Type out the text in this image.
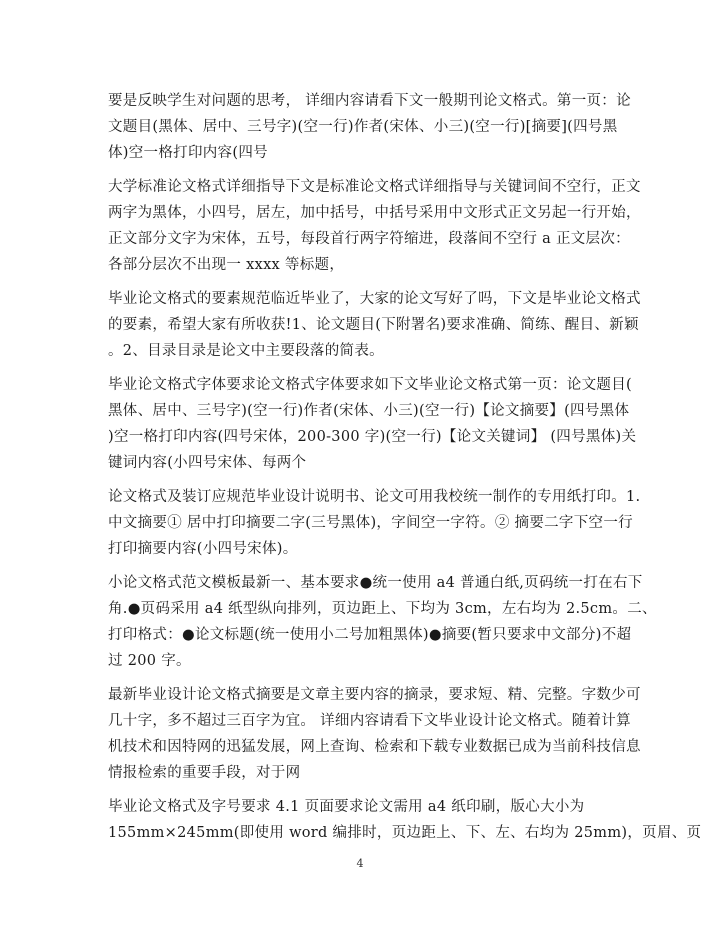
要是反映学生对问题的思考， 详细内容请看下文一般期刊论文格式。第一页：论
文题目(黑体、居中、三号字)(空一行)作者(宋体、小三)(空一行)[摘要](四号黑
体)空一格打印内容(四号
大学标准论文格式详细指导下文是标准论文格式详细指导与关键词间不空行，正文
两字为黑体，小四号，居左，加中括号，中括号采用中文形式正文另起一行开始，
正文部分文字为宋体，五号，每段首行两字符缩进，段落间不空行 a 正文层次：
各部分层次不出现一 xxxx 等标题，
毕业论文格式的要素规范临近毕业了，大家的论文写好了吗，下文是毕业论文格式
的要素，希望大家有所收获!1、论文题目(下附署名)要求准确、简练、醒目、新颖
。2、目录目录是论文中主要段落的简表。
毕业论文格式字体要求论文格式字体要求如下文毕业论文格式第一页：论文题目(
黑体、居中、三号字)(空一行)作者(宋体、小三)(空一行)【论文摘要】(四号黑体
)空一格打印内容(四号宋体，200-300 字)(空一行)【论文关键词】 (四号黑体)关
键词内容(小四号宋体、每两个
论文格式及装订应规范毕业设计说明书、论文可用我校统一制作的专用纸打印。1.
中文摘要① 居中打印摘要二字(三号黑体)，字间空一字符。② 摘要二字下空一行
打印摘要内容(小四号宋体)。
小论文格式范文模板最新一、基本要求●统一使用 a4 普通白纸,页码统一打在右下
角.●页码采用 a4 纸型纵向排列，页边距上、下均为 3cm，左右均为 2.5cm。二、
打印格式：●论文标题(统一使用小二号加粗黑体)●摘要(暂只要求中文部分)不超
过 200 字。
最新毕业设计论文格式摘要是文章主要内容的摘录，要求短、精、完整。字数少可
几十字，多不超过三百字为宜。 详细内容请看下文毕业设计论文格式。随着计算
机技术和因特网的迅猛发展，网上查询、检索和下载专业数据已成为当前科技信息
情报检索的重要手段，对于网
毕业论文格式及字号要求 4.1 页面要求论文需用 a4 纸印刷，版心大小为
155mm×245mm(即使用 word 编排时，页边距上、下、左、右均为 25mm)，页眉、页
4
